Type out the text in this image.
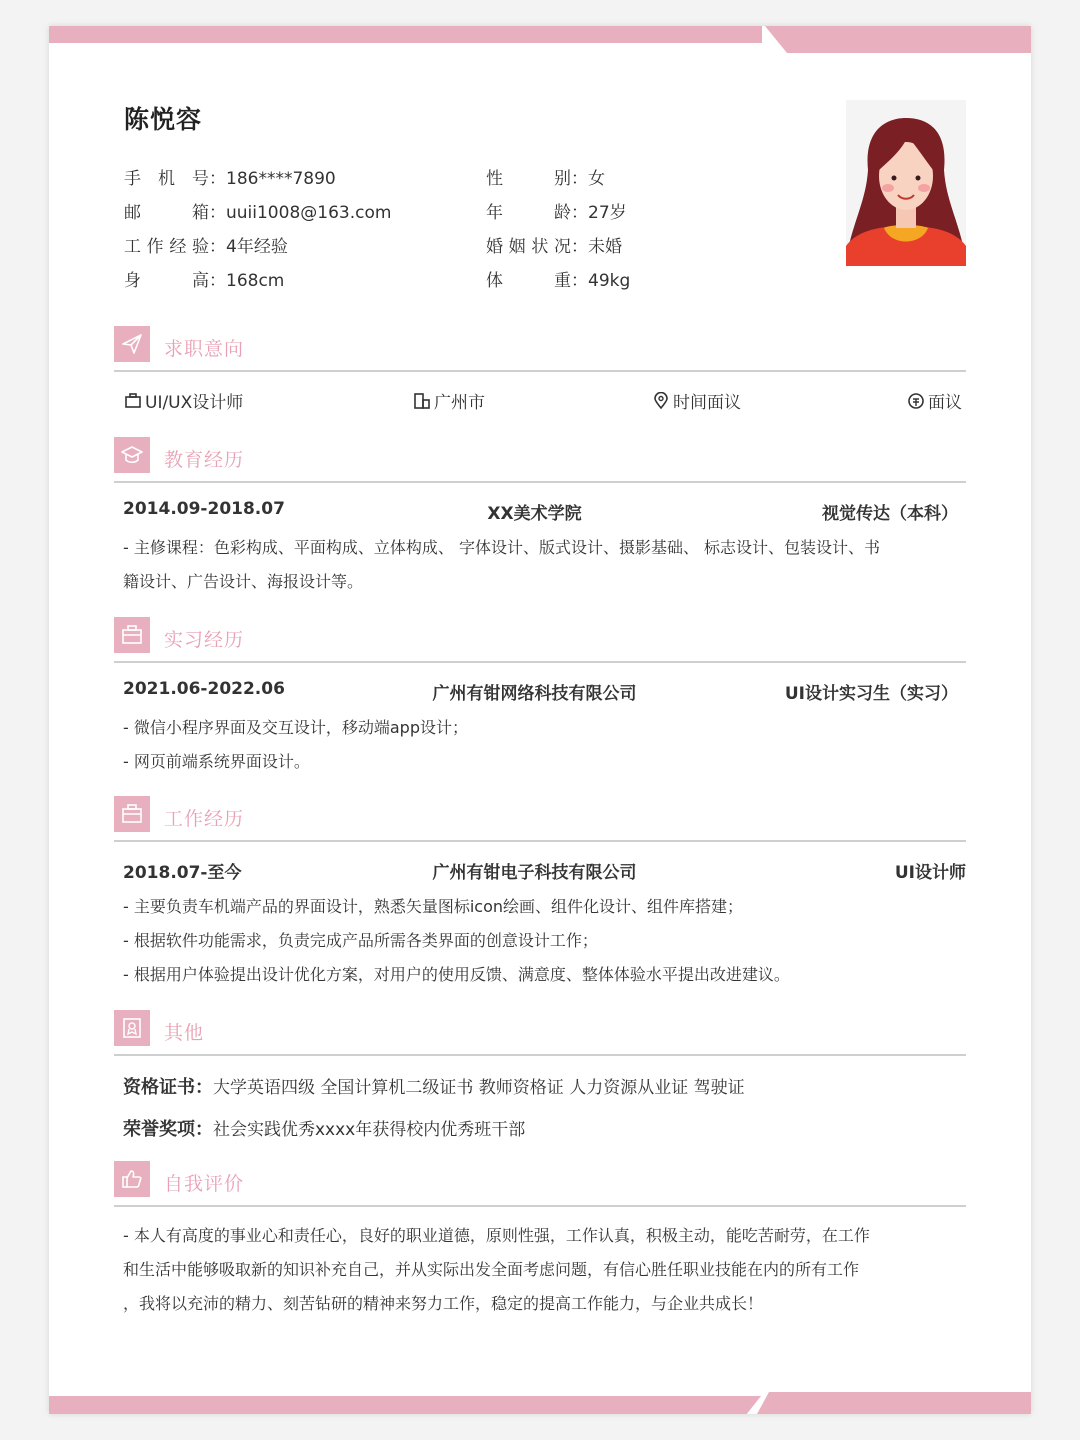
陈悦容
手 机 号：186****7890
邮 箱：uuii1008@163.com
工作经验：4年经验
身 高：168cm
性 别：女
年 龄：27岁
婚姻状况：未婚
体 重：49kg
求职意向
UI/UX设计师	广州市	时间面议	面议
教育经历
2014.09-2018.07	XX美术学院	视觉传达（本科）
- 主修课程：色彩构成、平面构成、立体构成、 字体设计、版式设计、摄影基础、 标志设计、包装设计、书
籍设计、广告设计、海报设计等。
实习经历
2021.06-2022.06	广州有钳网络科技有限公司	UI设计实习生（实习）
- 微信小程序界面及交互设计，移动端app设计；
- 网页前端系统界面设计。
工作经历
2018.07-至今	广州有钳电子科技有限公司	UI设计师
- 主要负责车机端产品的界面设计，熟悉矢量图标icon绘画、组件化设计、组件库搭建；
- 根据软件功能需求，负责完成产品所需各类界面的创意设计工作；
- 根据用户体验提出设计优化方案，对用户的使用反馈、满意度、整体体验水平提出改进建议。
其他
资格证书：大学英语四级 全国计算机二级证书 教师资格证 人力资源从业证 驾驶证
荣誉奖项：社会实践优秀xxxx年获得校内优秀班干部
自我评价
- 本人有高度的事业心和责任心，良好的职业道德，原则性强，工作认真，积极主动，能吃苦耐劳，在工作
和生活中能够吸取新的知识补充自己，并从实际出发全面考虑问题，有信心胜任职业技能在内的所有工作
，我将以充沛的精力、刻苦钻研的精神来努力工作，稳定的提高工作能力，与企业共成长！
